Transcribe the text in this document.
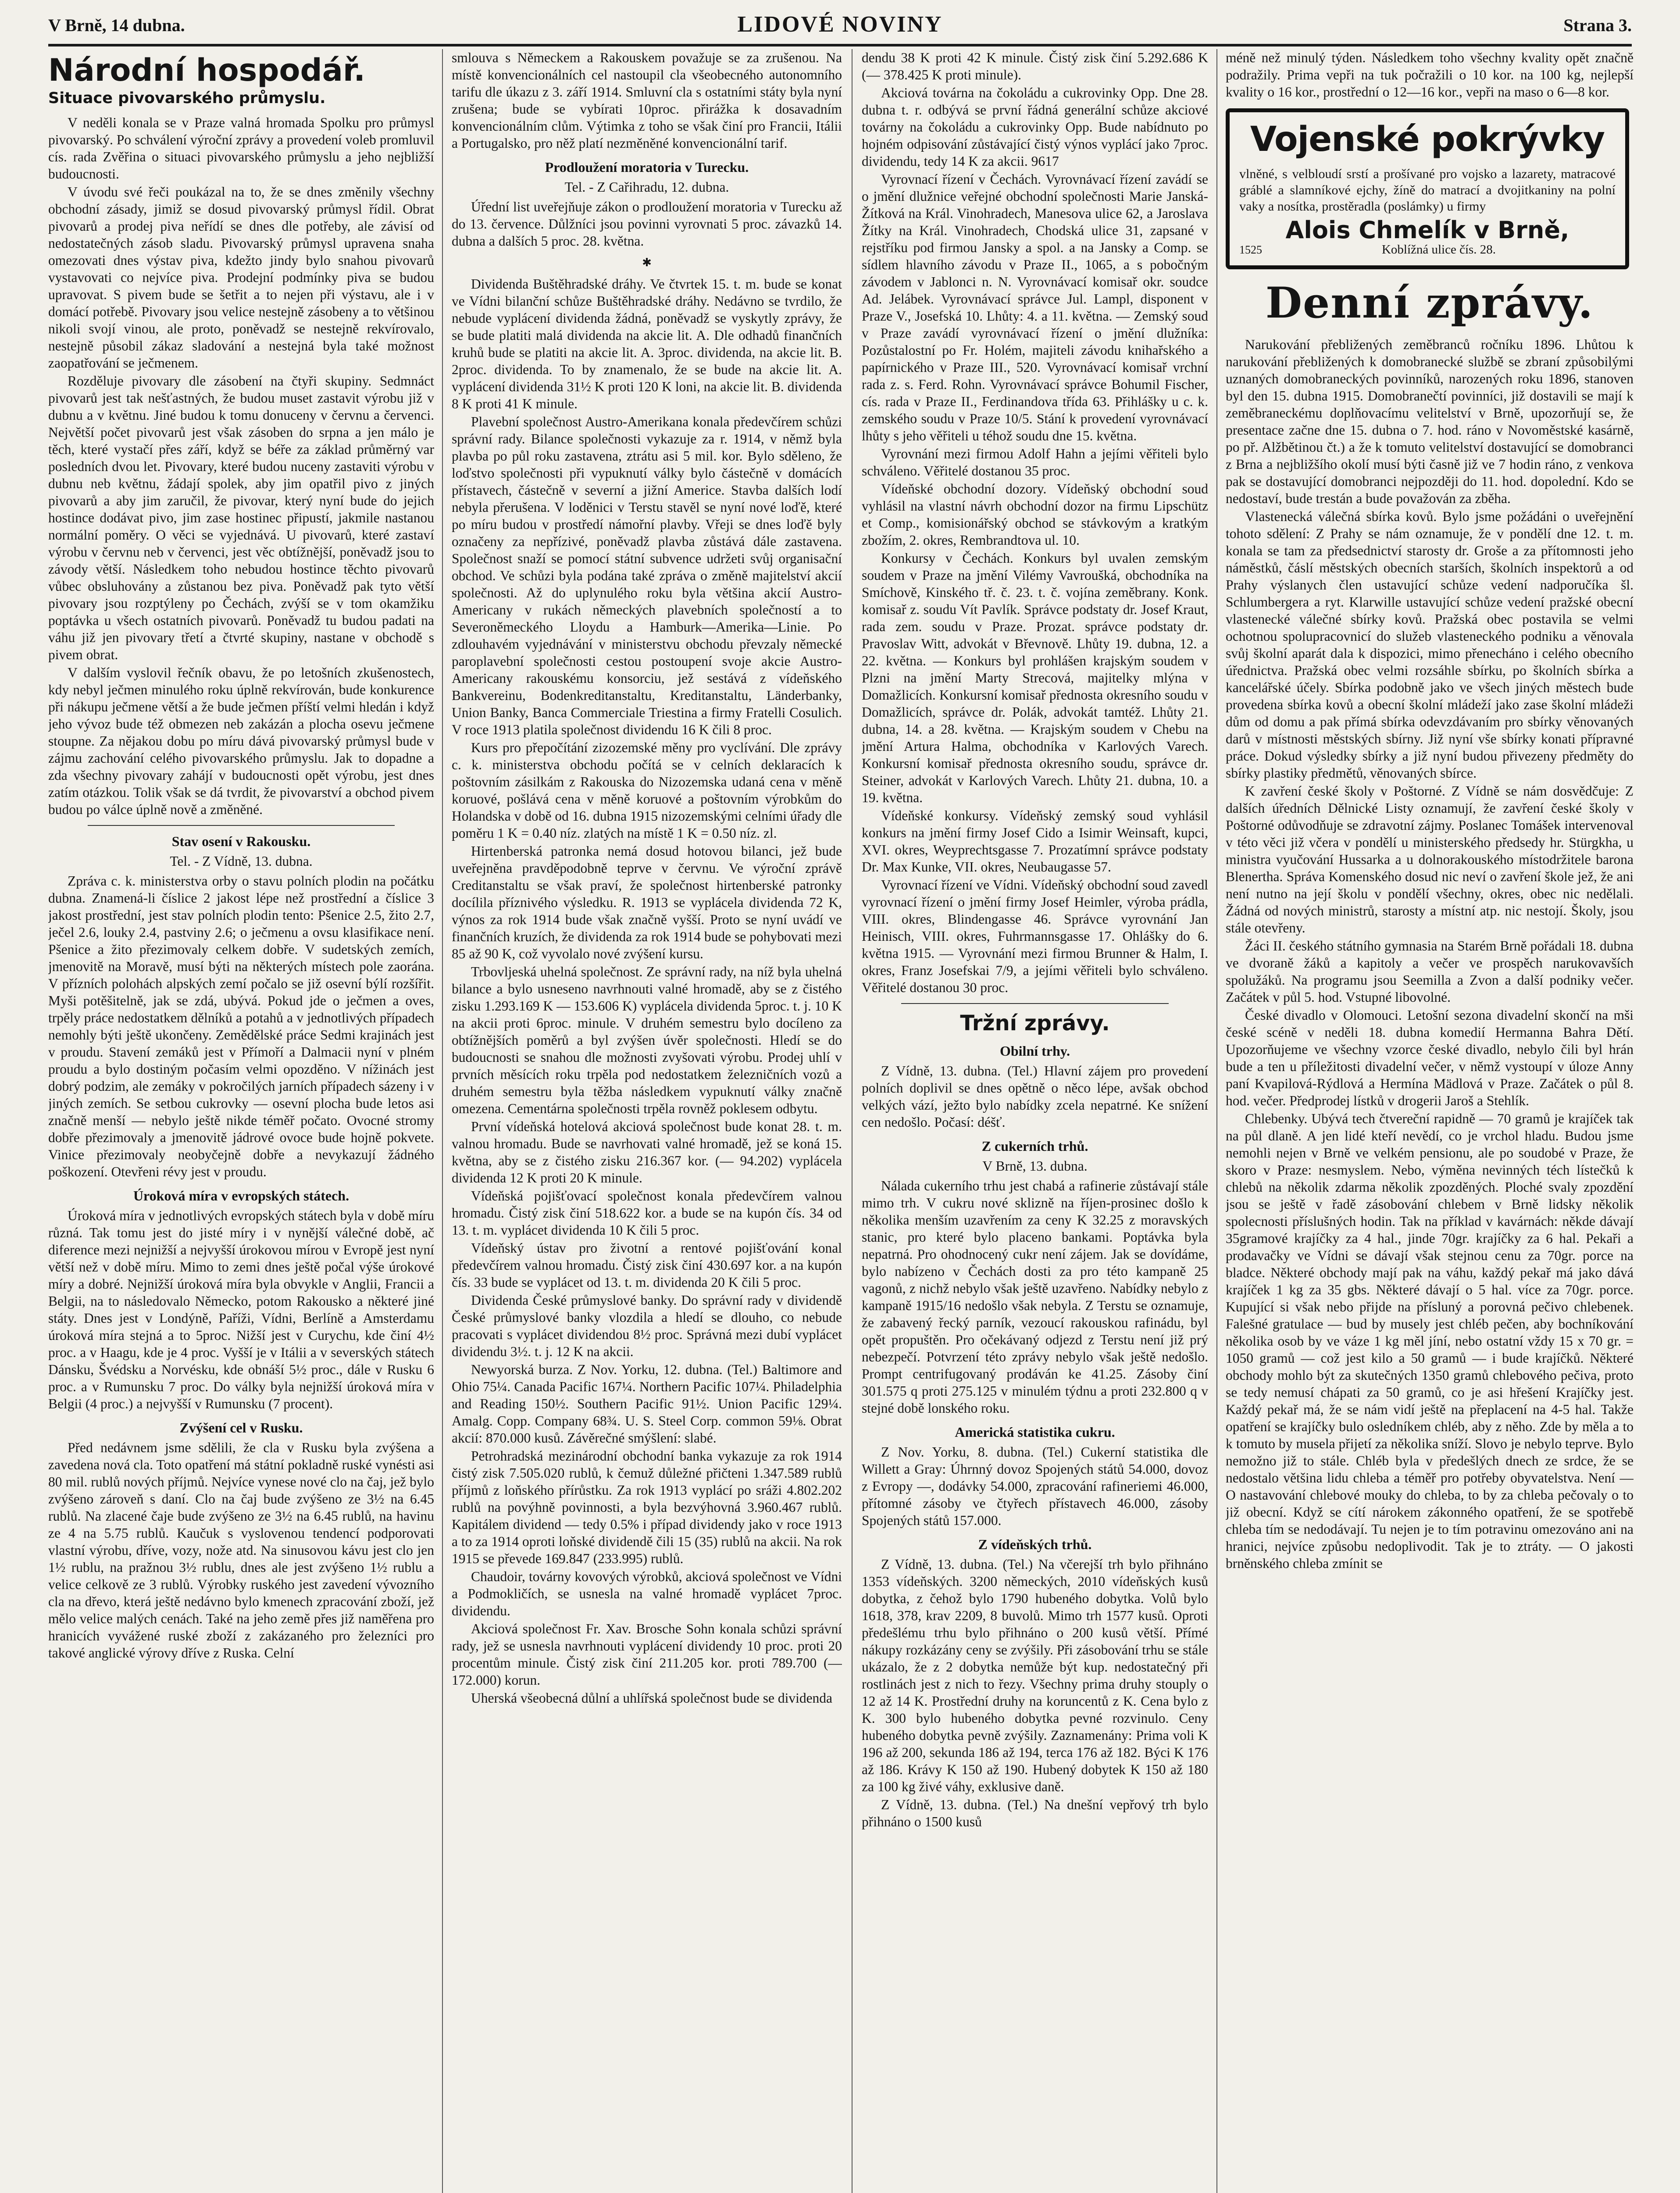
V Brně, 14 dubna.	LIDOVÉ NOVINY	Strana 3.
Národní hospodář.
Situace pivovarského průmyslu.

V neděli konala se v Praze valná hromada Spolku pro průmysl pivovarský. Po schválení výroční zprávy a provedení voleb promluvil cís. rada Zvěřina o situaci pivovarského průmyslu a jeho nejbližší budoucnosti.

V úvodu své řeči poukázal na to, že se dnes změnily všechny obchodní zásady, jimiž se dosud pivovarský průmysl řídil. Obrat pivovarů a prodej piva neřídí se dnes dle potřeby, ale závisí od nedostatečných zásob sladu. Pivovarský průmysl upravena snaha omezovati dnes výstav piva, kdežto jindy bylo snahou pivovarů vystavovati co nejvíce piva. Prodejní podmínky piva se budou upravovat. S pivem bude se šetřit a to nejen při výstavu, ale i v domácí potřebě. Pivovary jsou velice nestejně zásobeny a to většinou nikoli svojí vinou, ale proto, poněvadž se nestejně rekvírovalo, nestejně působil zákaz sladování a nestejná byla také možnost zaopatřování se ječmenem.

Rozděluje pivovary dle zásobení na čtyři skupiny. Sedmnáct pivovarů jest tak nešťastných, že budou muset zastavit výrobu již v dubnu a v květnu. Jiné budou k tomu donuceny v červnu a červenci. Největší počet pivovarů jest však zásoben do srpna a jen málo je těch, které vystačí přes září, když se béře za základ průměrný var posledních dvou let. Pivovary, které budou nuceny zastaviti výrobu v dubnu neb květnu, žádají spolek, aby jim opatřil pivo z jiných pivovarů a aby jim zaručil, že pivovar, který nyní bude do jejich hostince dodávat pivo, jim zase hostinec připustí, jakmile nastanou normální poměry. O věci se vyjednává. U pivovarů, které zastaví výrobu v červnu neb v červenci, jest věc obtížnější, poněvadž jsou to závody větší. Následkem toho nebudou hostince těchto pivovarů vůbec obsluhovány a zůstanou bez piva. Poněvadž pak tyto větší pivovary jsou rozptýleny po Čechách, zvýší se v tom okamžiku poptávka u všech ostatních pivovarů. Poněvadž tu budou padati na váhu již jen pivovary třetí a čtvrté skupiny, nastane v obchodě s pivem obrat.

V dalším vyslovil řečník obavu, že po letošních zkušenostech, kdy nebyl ječmen minulého roku úplně rekvírován, bude konkurence při nákupu ječmene větší a že bude ječmen příští velmi hledán i když jeho vývoz bude též obmezen neb zakázán a plocha osevu ječmene stoupne. Za nějakou dobu po míru dává pivovarský průmysl bude v zájmu zachování celého pivovarského průmyslu. Jak to dopadne a zda všechny pivovary zahájí v budoucnosti opět výrobu, jest dnes zatím otázkou. Tolik však se dá tvrdit, že pivovarství a obchod pivem budou po válce úplně nově a změněné.

Stav osení v Rakousku.

Tel. - Z Vídně, 13. dubna.

Zpráva c. k. ministerstva orby o stavu polních plodin na počátku dubna. Znamená-li číslice 2 jakost lépe než prostřední a číslice 3 jakost prostřední, jest stav polních plodin tento: Pšenice 2.5, žito 2.7, ječel 2.6, louky 2.4, pastviny 2.6; o ječmenu a ovsu klasifikace není. Pšenice a žito přezimovaly celkem dobře. V sudetských zemích, jmenovitě na Moravě, musí býti na některých místech pole zaorána. V přízních polohách alpských zemí počalo se již osevní býlí rozšířit. Myši potěšitelně, jak se zdá, ubývá. Pokud jde o ječmen a oves, trpěly práce nedostatkem dělníků a potahů a v jednotlivých případech nemohly býti ještě ukončeny. Zemědělské práce Sedmi krajinách jest v proudu. Stavení zemáků jest v Přímoří a Dalmacii nyní v plném proudu a bylo dostiným počasím velmi opozděno. V nížinách jest dobrý podzim, ale zemáky v pokročilých jarních případech sázeny i v jiných zemích. Se setbou cukrovky — osevní plocha bude letos asi značně menší — nebylo ještě nikde téměř počato. Ovocné stromy dobře přezimovaly a jmenovitě jádrové ovoce bude hojně pokvete. Vinice přezimovaly neobyčejně dobře a nevykazují žádného poškození. Otevřeni révy jest v proudu.

Úroková míra v evropských státech.

Úroková míra v jednotlivých evropských státech byla v době míru různá. Tak tomu jest do jisté míry i v nynější válečné době, ač diference mezi nejnižší a nejvyšší úrokovou mírou v Evropě jest nyní větší než v době míru. Mimo to zemi dnes ještě počal výše úrokové míry a dobré. Nejnižší úroková míra byla obvykle v Anglii, Francii a Belgii, na to následovalo Německo, potom Rakousko a některé jiné státy. Dnes jest v Londýně, Paříži, Vídni, Berlíně a Amsterdamu úroková míra stejná a to 5proc. Nižší jest v Curychu, kde činí 4½ proc. a v Haagu, kde je 4 proc. Vyšší je v Itálii a v severských státech Dánsku, Švédsku a Norvésku, kde obnáší 5½ proc., dále v Rusku 6 proc. a v Rumunsku 7 proc. Do války byla nejnižší úroková míra v Belgii (4 proc.) a nejvyšší v Rumunsku (7 procent).

Zvýšení cel v Rusku.

Před nedávnem jsme sdělili, že cla v Rusku byla zvýšena a zavedena nová cla. Toto opatření má státní pokladně ruské vynésti asi 80 mil. rublů nových příjmů. Nejvíce vynese nové clo na čaj, jež bylo zvýšeno zároveň s daní. Clo na čaj bude zvýšeno ze 3½ na 6.45 rublů. Na zlacené čaje bude zvýšeno ze 3½ na 6.45 rublů, na havinu ze 4 na 5.75 rublů. Kaučuk s vyslovenou tendencí podporovati vlastní výrobu, dříve, vozy, nože atd. Na sinusovou kávu jest clo jen 1½ rublu, na pražnou 3½ rublu, dnes ale jest zvýšeno 1½ rublu a velice celkově ze 3 rublů. Výrobky ruského jest zavedení vývozního cla na dřevo, která ještě nedávno bylo kmenech zpracování zboží, jež mělo velice malých cenách. Také na jeho země přes již naměřena pro hranicích vyvážené ruské zboží z zakázaného pro železníci pro takové anglické výrovy dříve z Ruska. Celní

smlouva s Německem a Rakouskem považuje se za zrušenou. Na místě konvencionálních cel nastoupil cla všeobecného autonomního tarifu dle úkazu z 3. září 1914. Smluvní cla s ostatními státy byla nyní zrušena; bude se vybírati 10proc. přirážka k dosavadním konvencionálním clům. Výtimkа z toho se však činí pro Francii, Itálii a Portugalsko, pro něž platí nezměněné konvencionální tarif.

Prodloužení moratoria v Turecku.

Tel. - Z Cařihradu, 12. dubna.

Úřední list uveřejňuje zákon o prodloužení moratoria v Turecku až do 13. července. Důlžníci jsou povinni vyrovnati 5 proc. závazků 14. dubna a dalších 5 proc. 28. května.

✱

Dividenda Buštěhradské dráhy. Ve čtvrtek 15. t. m. bude se konat ve Vídni bilanční schůze Buštěhradské dráhy. Nedávno se tvrdilo, že nebude vyplácení dividenda žádná, poněvadž se vyskytly zprávy, že se bude platiti malá dividenda na akcie lit. A. Dle odhadů finančních kruhů bude se platiti na akcie lit. A. 3proc. dividenda, na akcie lit. B. 2proc. dividenda. To by znamenalo, že se bude na akcie lit. A. vyplácení dividenda 31½ K proti 120 K loni, na akcie lit. B. dividenda 8 K proti 41 K minule.

Plavební společnost Austro-Amerikana konala předevčírem schůzi správní rady. Bilance společnosti vykazuje za r. 1914, v němž byla plavba po půl roku zastavena, ztrátu asi 5 mil. kor. Bylo sděleno, že loďstvo společnosti při vypuknutí války bylo částečně v domácích přístavech, částečně v severní a jižní Americe. Stavba dalších lodí nebyla přerušena. V loděnici v Terstu stavěl se nyní nové loďě, které po míru budou v prostředí námořní plavby. Vřeji se dnes loďě byly označeny za nepřízivé, poněvadž plavba zůstává dále zastavena. Společnost snaží se pomocí státní subvence udržeti svůj organisační obchod. Ve schůzi byla podána také zpráva o změně majitelství akcií společnosti. Až do uplynulého roku byla většina akcií Austro-Americany v rukách německých plavebních společností a to Severoněmeckého Lloydu a Hamburk—Amerika—Linie. Po zdlouhavém vyjednávání v ministerstvu obchodu převzaly německé paroplavební společnosti cestou postoupení svoje akcie Austro-Americany rakouskému konsorciu, jež sestává z vídeňského Bankvereinu, Bodenkreditanstaltu, Kreditanstaltu, Länderbanky, Union Banky, Banca Commerciale Triestina a firmy Fratelli Cosulich. V roce 1913 platila společnost dividendu 16 K čili 8 proc.

Kurs pro přepočítání zizozemské měny pro vyclívání. Dle zprávy c. k. ministerstva obchodu počítá se v celních deklaracích k poštovním zásilkám z Rakouska do Nizozemska udaná cena v měně koruové, pošlává cena v měně koruové a poštovním výrobkům do Holandska v době od 16. dubna 1915 nizozemskými celními úřady dle poměru 1 K = 0.40 níz. zlatých na místě 1 K = 0.50 níz. zl.

Hirtenberská patronka nemá dosud hotovou bilanci, jež bude uveřejněna pravděpodobně teprve v červnu. Ve výroční zprávě Creditanstaltu se však praví, že společnost hirtenberské patronky docílila příznivého výsledku. R. 1913 se vyplácela dividenda 72 K, výnos za rok 1914 bude však značně vyšší. Proto se nyní uvádí ve finančních kruzích, že dividenda za rok 1914 bude se pohybovati mezi 85 až 90 K, což vyvolalo nové zvýšení kursu.

Trbovljeská uhelná společnost. Ze správní rady, na níž byla uhelná bilance a bylo usneseno navrhnouti valné hromadě, aby se z čistého zisku 1.293.169 K — 153.606 K) vyplácela dividenda 5proc. t. j. 10 K na akcii proti 6proc. minule. V druhém semestru bylo docíleno za obtížnějších poměrů a byl zvýšen úvěr společnosti. Hledí se do budoucnosti se snahou dle možnosti zvyšovati výrobu. Prodej uhlí v prvních měsících roku trpěla pod nedostatkem železničních vozů a druhém semestru byla těžba následkem vypuknutí války značně omezena. Cementárna společnosti trpěla rovněž poklesem odbytu.

První vídeňská hotelová akciová společnost bude konat 28. t. m. valnou hromadu. Bude se navrhovati valné hromadě, jež se koná 15. května, aby se z čistého zisku 216.367 kor. (— 94.202) vyplácela dividenda 12 K proti 20 K minule.

Vídeňská pojišťovací společnost konala předevčírem valnou hromadu. Čistý zisk činí 518.622 kor. a bude se na kupón čís. 34 od 13. t. m. vyplácet dividenda 10 K čili 5 proc.

Vídeňský ústav pro životní a rentové pojišťování konal předevčírem valnou hromadu. Čistý zisk činí 430.697 kor. a na kupón čís. 33 bude se vyplácet od 13. t. m. dividenda 20 K čili 5 proc.

Dividenda České průmyslové banky. Do správní rady v dividendě České průmyslové banky vlozdila a hledí se dlouho, co nebude pracovati s vyplácet dividendou 8½ proc. Správná mezi dubí vyplácet dividendu 3½. t. j. 12 K na akcii.

Newyorská burza. Z Nov. Yorku, 12. dubna. (Tel.) Baltimore and Ohio 75¼. Canada Pacific 167¼. Northern Pacific 107¼. Philadelphia and Reading 150½. Southern Pacific 91½. Union Pacific 129¼. Amalg. Copp. Company 68¾. U. S. Steel Corp. common 59⅛. Obrat akcií: 870.000 kusů. Závěrečné smýšlení: slabé.

Petrohradská mezinárodní obchodní banka vykazuje za rok 1914 čistý zisk 7.505.020 rublů, k čemuž důležné přičteni 1.347.589 rublů příjmů z loňského přírůstku. Za rok 1913 vyplácí po sráži 4.802.202 rublů na povýhně povinnosti, a byla bezvýhovná 3.960.467 rublů. Kapitálem dividend — tedy 0.5% i případ dividendy jako v roce 1913 a to za 1914 oproti loňské dividendě čili 15 (35) rublů na akcii. Na rok 1915 se převede 169.847 (233.995) rublů.

Chaudoir, továrny kovových výrobků, akciová společnost ve Vídni a Podmokličích, se usnesla na valné hromadě vyplácet 7proc. dividendu.

Akciová společnost Fr. Xav. Brosche Sohn konala schůzi správní rady, jež se usnesla navrhnouti vyplácení dividendy 10 proc. proti 20 procentům minule. Čistý zisk činí 211.205 kor. proti 789.700 (— 172.000) korun.

Uherská všeobecná důlní a uhlířská společnost bude se dividenda

dendu 38 K proti 42 K minule. Čistý zisk činí 5.292.686 K (— 378.425 K proti minule).

Akciová továrna na čokoládu a cukrovinky Opp. Dne 28. dubna t. r. odbývá se první řádná generální schůze akciové továrny na čokoládu a cukrovinky Opp. Bude nabídnuto po hojném odpisování zůstávající čistý výnos vyplácí jako 7proc. dividendu, tedy 14 K za akcii. 9617

Vyrovnací řízení v Čechách. Vyrovnávací řízení zavádí se o jmění dlužnice veřejné obchodní společnosti Marie Janská-Žítková na Král. Vinohradech, Manesova ulice 62, a Jaroslava Žítky na Král. Vinohradech, Chodská ulice 31, zapsané v rejstříku pod firmou Jansky a spol. a na Jansky a Comp. se sídlem hlavního závodu v Praze II., 1065, a s pobočným závodem v Jablonci n. N. Vyrovnávací komisař okr. soudce Ad. Jelábek. Vyrovnávací správce Jul. Lampl, disponent v Praze V., Josefská 10. Lhůty: 4. a 11. května. — Zemský soud v Praze zavádí vyrovnávací řízení o jmění dlužníka: Pozůstalostní po Fr. Holém, majiteli závodu knihařského a papírnického v Praze III., 520. Vyrovnávací komisař vrchní rada z. s. Ferd. Rohn. Vyrovnávací správce Bohumil Fischer, cís. rada v Praze II., Ferdinandova třída 63. Přihlášky u c. k. zemského soudu v Praze 10/5. Stání k provedení vyrovnávací lhůty s jeho věřiteli u téhož soudu dne 15. května.

Vyrovnání mezi firmou Adolf Hahn a jejími věřiteli bylo schváleno. Věřitelé dostanou 35 proc.

Vídeňské obchodní dozory. Vídeňský obchodní soud vyhlásil na vlastní návrh obchodní dozor na firmu Lipschütz et Comp., komisionářský obchod se stávkovým a kratkým zbožím, 2. okres, Rembrandtova ul. 10.

Konkursy v Čechách. Konkurs byl uvalen zemským soudem v Praze na jmění Vilémy Vavroušká, obchodníka na Smíchově, Kinského tř. č. 23. t. č. vojína zeměbrany. Konk. komisař z. soudu Vít Pavlík. Správce podstaty dr. Josef Kraut, rada zem. soudu v Praze. Prozat. správce podstaty dr. Pravoslav Witt, advokát v Břevnově. Lhůty 19. dubna, 12. a 22. května. — Konkurs byl prohlášen krajským soudem v Plzni na jmění Marty Strecová, majitelky mlýna v Domažlicích. Konkursní komisař přednosta okresního soudu v Domažlicích, správce dr. Polák, advokát tamtéž. Lhůty 21. dubna, 14. a 28. května. — Krajským soudem v Chebu na jmění Artura Halma, obchodníka v Karlových Varech. Konkursní komisař přednosta okresního soudu, správce dr. Steiner, advokát v Karlových Varech. Lhůty 21. dubna, 10. a 19. května.

Vídeňské konkursy. Vídeňský zemský soud vyhlásil konkurs na jmění firmy Josef Cido a Isimir Weinsaft, kupci, XVI. okres, Weyprechtsgasse 7. Prozatímní správce podstaty Dr. Max Kunke, VII. okres, Neubaugasse 57.

Vyrovnací řízení ve Vídni. Vídeňský obchodní soud zavedl vyrovnací řízení o jmění firmy Josef Heimler, výroba prádla, VIII. okres, Blindengasse 46. Správce vyrovnání Jan Heinisch, VIII. okres, Fuhrmannsgasse 17. Ohlášky do 6. května 1915. — Vyrovnání mezi firmou Brunner & Halm, I. okres, Franz Josefskai 7/9, a jejími věřiteli bylo schváleno. Věřitelé dostanou 30 proc.

Tržní zprávy.
Obilní trhy.

Z Vídně, 13. dubna. (Tel.) Hlavní zájem pro provedení polních doplivil se dnes opětně o něco lépe, avšak obchod velkých vází, ježto bylo nabídky zcela nepatrné. Ke snížení cen nedošlo. Počasí: déšť.

Z cukerních trhů.

V Brně, 13. dubna.

Nálada cukerního trhu jest chabá a rafinerie zůstávají stále mimo trh. V cukru nové sklizně na říjen-prosinec došlo k několika menším uzavřením za ceny K 32.25 z moravských stanic, pro které bylo placeno bankami. Poptávka byla nepatrná. Pro ohodnocený cukr není zájem. Jak se dovídáme, bylo nabízeno v Čechách dosti za pro této kampaně 25 vagonů, z nichž nebylo však ještě uzavřeno. Nabídky nebylo z kampaně 1915/16 nedošlo však nebyla. Z Terstu se oznamuje, že zabavený řecký parník, vezoucí rakouskou rafinádu, byl opět propuštěn. Pro očekávaný odjezd z Terstu není již prý nebezpečí. Potvrzení této zprávy nebylo však ještě nedošlo. Prompt centrifugovaný prodáván ke 41.25. Zásoby činí 301.575 q proti 275.125 v minulém týdnu a proti 232.800 q v stejné době lonského roku.

Americká statistika cukru.

Z Nov. Yorku, 8. dubna. (Tel.) Cukerní statistika dle Willett a Gray: Úhrnný dovoz Spojených států 54.000, dovoz z Evropy —, dodávky 54.000, zpracování rafineriemi 46.000, přítomné zásoby ve čtyřech přístavech 46.000, zásoby Spojených států 157.000.

Z vídeňských trhů.

Z Vídně, 13. dubna. (Tel.) Na včerejší trh bylo přihnáno 1353 vídeňských. 3200 německých, 2010 vídeňských kusů dobytka, z čehož bylo 1790 hubeného dobytka. Volů bylo 1618, 378, krav 2209, 8 buvolů. Mimo trh 1577 kusů. Oproti předešlému trhu bylo přihnáno o 200 kusů větší. Přímé nákupy rozkázány ceny se zvýšily. Při zásobování trhu se stále ukázalo, že z 2 dobytka nemůže být kup. nedostatečný při rostlinách jest z nich to řezy. Všechny prima druhy stouply o 12 až 14 K. Prostřední druhy na koruncentů z K. Cena bylo z K. 300 bylo hubeného dobytka pevné rozvinulo. Ceny hubeného dobytka pevně zvýšily. Zaznamenány: Prima voli K 196 až 200, sekunda 186 až 194, terca 176 až 182. Býci K 176 až 186. Krávy K 150 až 190. Hubený dobytek K 150 až 180 za 100 kg živé váhy, exklusive daně.

Z Vídně, 13. dubna. (Tel.) Na dnešní vepřový trh bylo přihnáno o 1500 kusů

méně než minulý týden. Následkem toho všechny kvality opět značně podražily. Prima vepři na tuk počražili o 10 kor. na 100 kg, nejlepší kvality o 16 kor., prostřední o 12—16 kor., vepři na maso o 6—8 kor.

Vojenské pokrývky
vlněné, s velbloudí srstí a prošívané pro vojsko a lazarety, matracové gráblé a slamníkové ejchy, žíně do matrací a dvojitkaniny na polní vaky a nosítka, prostěradla (poslámky) u firmy
Alois Chmelík v Brně,
1525	Koblížná ulice čís. 28.
Denní zprávy.

Narukování přebližených zeměbranců ročníku 1896. Lhůtou k narukování přebližených k domobranecké službě se zbraní způsobilými uznaných domobraneckých povinníků, narozených roku 1896, stanoven byl den 15. dubna 1915. Domobranečtí povinníci, již dostavili se mají k zeměbraneckému doplňovacímu velitelství v Brně, upozorňují se, že presentace začne dne 15. dubna o 7. hod. ráno v Novoměstské kasárně, po př. Alžbětinou čt.) a že k tomuto velitelství dostavující se domobranci z Brna a nejbližšího okolí musí býti časně již ve 7 hodin ráno, z venkova pak se dostavující domobranci nejpozději do 11. hod. dopolední. Kdo se nedostaví, bude trestán a bude považován za zběha.

Vlastenecká válečná sbírka kovů. Bylo jsme požádáni o uveřejnění tohoto sdělení: Z Prahy se nám oznamuje, že v pondělí dne 12. t. m. konala se tam za předsednictví starosty dr. Groše a za přítomnosti jeho náměstků, čáslí městských obecních starších, školních inspektorů a od Prahy výslanych člen ustavující schůze vedení nadporučíka šl. Schlumbergera a ryt. Klarwille ustavující schůze vedení pražské obecní vlastenecké válečné sbírky kovů. Pražská obec postavila se velmi ochotnou spolupracovnicí do služeb vlasteneckého podniku a věnovala svůj školní aparát dala k dispozici, mimo přenecháno i celého obecního úřednictva. Pražská obec velmi rozsáhle sbírku, po školních sbírka a kancelářské účely. Sbírka podobně jako ve všech jiných městech bude provedena sbírka kovů a obecní školní mládeží jako zase školní mládeži dům od domu a pak přímá sbírka odevzdávaním pro sbírky věnovaných darů v místnosti městských sbírny. Již nyní vše sbírky konati přípravné práce. Dokud výsledky sbírky a již nyní budou přivezeny předměty do sbírky plastiky předmětů, věnovaných sbírce.

K zavření české školy v Poštorné. Z Vídně se nám dosvědčuje: Z dalších úředních Dělnické Listy oznamují, že zavření české školy v Poštorné odůvodňuje se zdravotní zájmy. Poslanec Tomášek intervenoval v této věci již včera v pondělí u ministerského předsedy hr. Stürgkha, u ministra vyučování Hussarka a u dolnorakouského místodržitele barona Blenertha. Správa Komenského dosud nic neví o zavření škole jež, že ani není nutno na její školu v pondělí všechny, okres, obec nic nedělali. Žádná od nových ministrů, starosty a místní atp. nic nestojí. Školy, jsou stále otevřeny.

Žáci II. českého státního gymnasia na Starém Brně pořádali 18. dubna ve dvoraně žáků a kapitoly a večer ve prospěch narukovavších spolužáků. Na programu jsou Seemilla a Zvon a další podniky večer. Začátek v půl 5. hod. Vstupné libovolné.

České divadlo v Olomouci. Letošní sezona divadelní skončí na mši české scéně v neděli 18. dubna komedií Hermanna Bahra Dětí. Upozorňujeme ve všechny vzorce české divadlo, nebylo čili byl hrán bude a ten u příležitosti divadelní večer, v němž vystoupí v úloze Anny paní Kvapilová-Rýdlová a Hermína Mädlová v Praze. Začátek o půl 8. hod. večer. Předprodej lístků v drogerii Jaroš a Stehlík.

Chlebenky. Ubývá tech čtvereční rapidně — 70 gramů je krajíček tak na půl dlaně. A jen lidé kteří nevědí, co je vrchol hladu. Budou jsme nemohli nejen v Brně ve velkém pensionu, ale po soudobé v Praze, že skoro v Praze: nesmyslem. Nebo, výměna nevinných téch lístečků k chlebů na několik zdarma několik zpozděných. Ploché svaly zpozdění jsou se ještě v řadě zásobování chlebem v Brně lidsky několik spolecnosti příslušných hodin. Tak na příklad v kavárnách: někde dávají 35gramové krajíčky za 4 hal., jinde 70gr. krajíčky za 6 hal. Pekaři a prodavačky ve Vídni se dávají však stejnou cenu za 70gr. porce na bladce. Některé obchody mají pak na váhu, každý pekař má jako dává krajíček 1 kg za 35 gbs. Některé dávají o 5 hal. více za 70gr. porce. Kupující si však nebo přijde na přísluný a porovná pečivo chlebenek. Falešné gratulace — bud by musely jest chléb pečen, aby bochníkování několika osob by ve váze 1 kg měl jíní, nebo ostatní vždy 15 x 70 gr. = 1050 gramů — což jest kilo a 50 gramů — i bude krajíčků. Některé obchody mohlo být za skutečných 1350 gramů chlebového pečiva, proto se tedy nemusí chápati za 50 gramů, co je asi hřešení Krajíčky jest. Každý pekař má, že se nám vidí ještě na přeplacení na 4-5 hal. Takže opatření se krajíčky bulo osledníkem chléb, aby z něho. Zde by měla a to k tomuto by musela přijetí za několika sníží. Slovo je nebylo teprve. Bylo nemožno již to stále. Chléb byla v předešlých dnech ze srdce, že se nedostalo většina lidu chleba a téměř pro potřeby obyvatelstva. Není — O nastavování chlebové mouky do chleba, to by za chleba pečovaly o to již obecní. Když se cítí nárokem zákonného opatření, že se spotřebě chleba tím se nedodávají. Tu nejen je to tím potravinu omezováno ani na hranici, nejvíce způsobu nedoplivodit. Tak je to ztráty. — O jakosti brněnského chleba zmínit se
